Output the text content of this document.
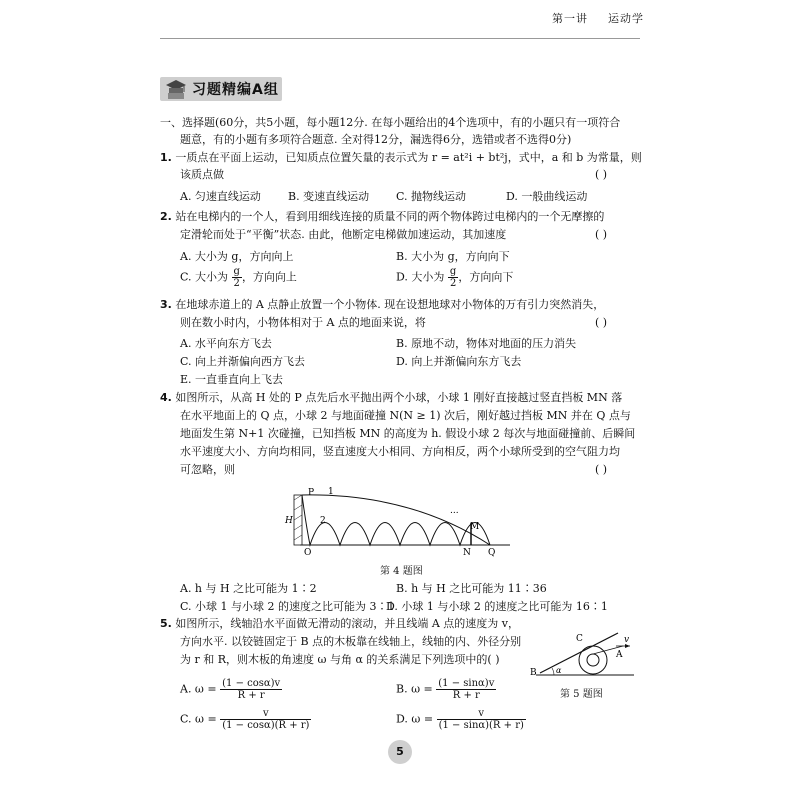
第一讲 运动学
习题精编A组
一、选择题(60分，共5小题，每小题12分. 在每小题给出的4个选项中，有的小题只有一项符合
题意，有的小题有多项符合题意. 全对得12分，漏选得6分，选错或者不选得0分)
1. 一质点在平面上运动，已知质点位置矢量的表示式为 r = at²i + bt²j，式中，a 和 b 为常量，则
该质点做	( )
A. 匀速直线运动 B. 变速直线运动 C. 抛物线运动	D. 一般曲线运动
2. 站在电梯内的一个人，看到用细线连接的质量不同的两个物体跨过电梯内的一个无摩擦的
定滑轮而处于“平衡”状态. 由此，他断定电梯做加速运动，其加速度	( )
A. 大小为 g，方向向上	B. 大小为 g，方向向下
C. 大小为 $\frac{g}{2}$ ，方向向上	D. 大小为 $\frac{g}{2}$ ，方向向下
3. 在地球赤道上的 A 点静止放置一个小物体. 现在设想地球对小物体的万有引力突然消失，
则在数小时内，小物体相对于 A 点的地面来说，将	( )
A. 水平向东方飞去	B. 原地不动，物体对地面的压力消失
C. 向上并渐偏向西方飞去	D. 向上并渐偏向东方飞去
E. 一直垂直向上飞去
4. 如图所示，从高 H 处的 P 点先后水平抛出两个小球，小球 1 刚好直接越过竖直挡板 MN 落
在水平地面上的 Q 点，小球 2 与地面碰撞 N(N ≥ 1) 次后，刚好越过挡板 MN 并在 Q 点与
地面发生第 N+1 次碰撞，已知挡板 MN 的高度为 h. 假设小球 2 每次与地面碰撞前、后瞬间
水平速度大小、方向均相同，竖直速度大小相同、方向相反，两个小球所受到的空气阻力均
可忽略，则	( )
P 1
2
H
O	N Q
M
...
第 4 题图
A. h 与 H 之比可能为 1∶2	B. h 与 H 之比可能为 11∶36
C. 小球 1 与小球 2 的速度之比可能为 3∶1
D. 小球 1 与小球 2 的速度之比可能为 16∶1
5. 如图所示，线轴沿水平面做无滑动的滚动，并且线端 A 点的速度为 v，
方向水平. 以铰链固定于 B 点的木板靠在线轴上，线轴的内、外径分别
为 r 和 R，则木板的角速度 ω 与角 α 的关系满足下列选项中的( )
C	v
A
B α
第 5 题图
A. $\omega = \frac{(1 - \cos\alpha)v}{R + r}$	B. $\omega = \frac{(1 - \sin\alpha)v}{R + r}$
C. $\omega = \frac{v}{(1 - \cos\alpha)(R + r)}$	D. $\omega = \frac{v}{(1 - \sin\alpha)(R + r)}$
5
